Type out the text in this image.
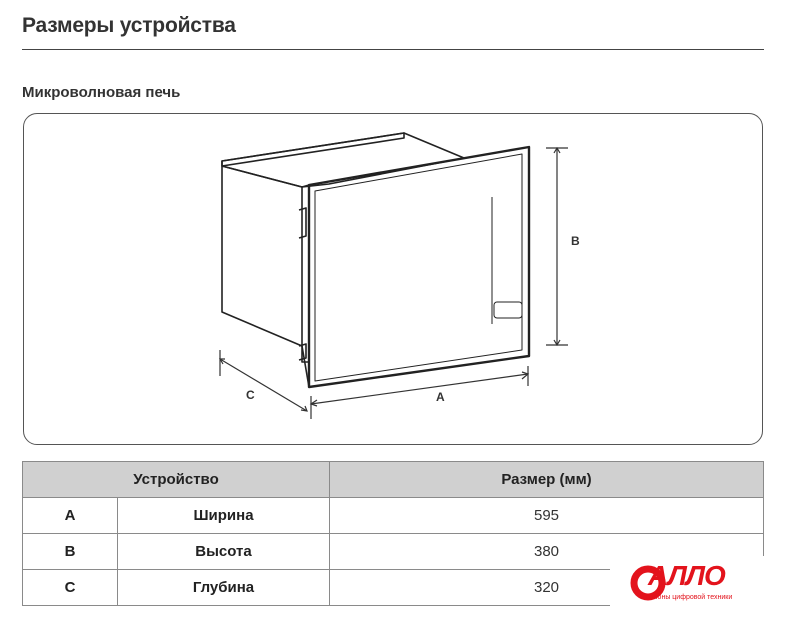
Размеры устройства
Микроволновая печь
B
A
C
Устройство		Размер (мм)
A	Ширина	595
B	Высота	380
C	Глубина	320	АЛЛО
салоны цифровой техники
